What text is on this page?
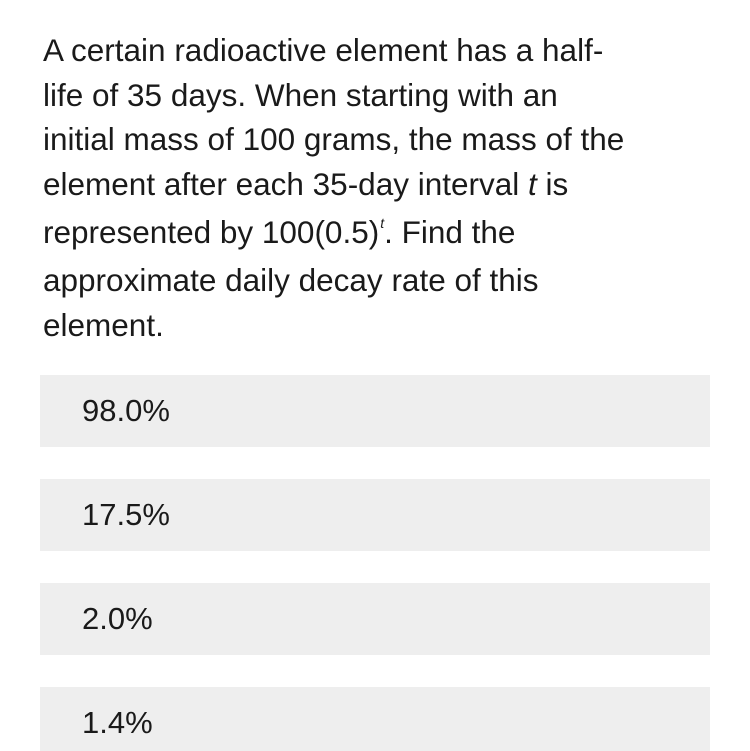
A certain radioactive element has a half-
life of 35 days. When starting with an
initial mass of 100 grams, the mass of the
element after each 35-day interval t is
represented by $100(0.5)^t$. Find the
approximate daily decay rate of this
element.
98.0%
17.5%
2.0%
1.4%
